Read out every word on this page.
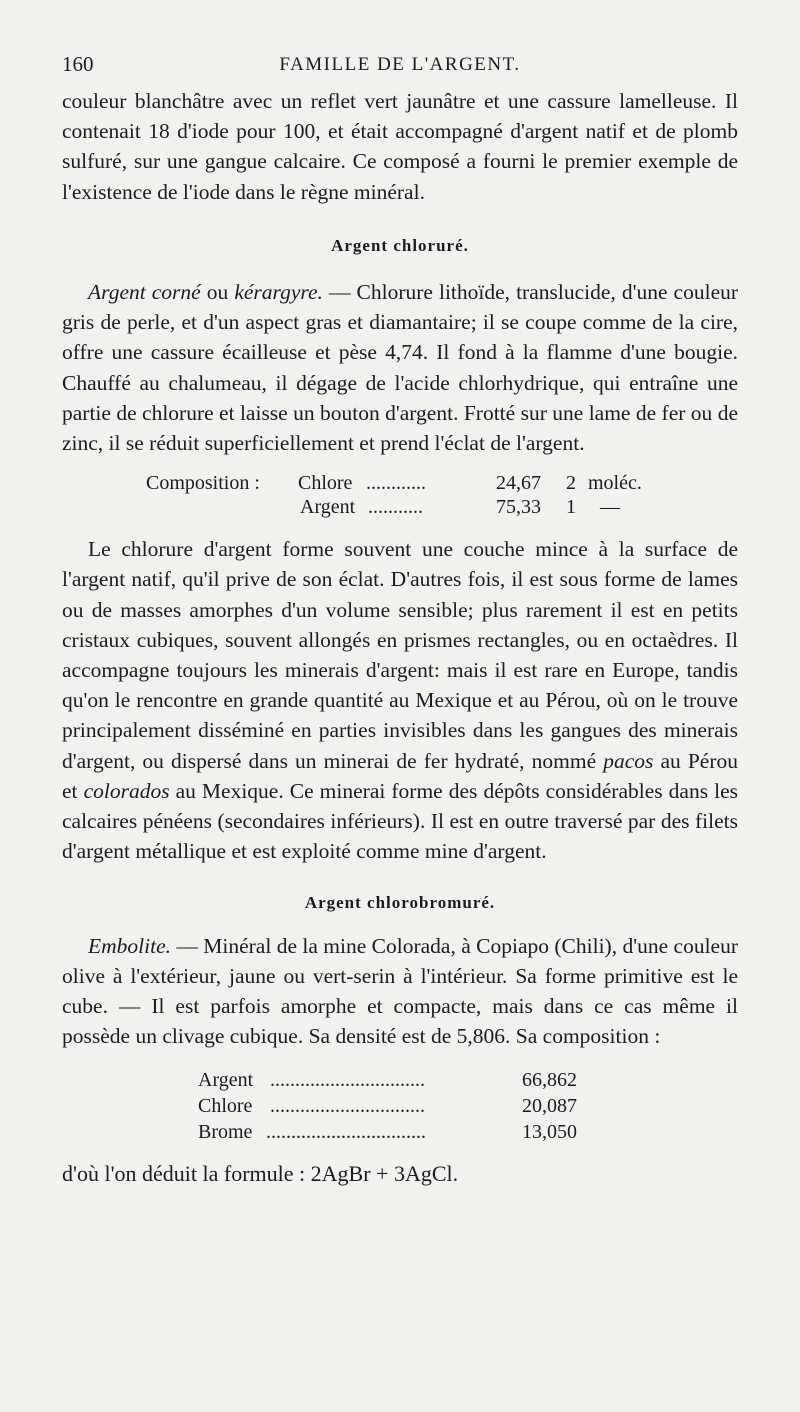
160	FAMILLE DE L'ARGENT.

couleur blanchâtre avec un reflet vert jaunâtre et une cassure lamelleuse. Il contenait 18 d'iode pour 100, et était accompagné d'argent natif et de plomb sulfuré, sur une gangue calcaire. Ce composé a fourni le premier exemple de l'existence de l'iode dans le règne minéral.

Argent chloruré.

Argent corné ou kérargyre. — Chlorure lithoïde, translucide, d'une couleur gris de perle, et d'un aspect gras et diamantaire; il se coupe comme de la cire, offre une cassure écailleuse et pèse 4,74. Il fond à la flamme d'une bougie. Chauffé au chalumeau, il dégage de l'acide chlorhydrique, qui entraîne une partie de chlorure et laisse un bouton d'argent. Frotté sur une lame de fer ou de zinc, il se réduit superficiellement et prend l'éclat de l'argent.

Composition : Chlore ............	24,67 2 moléc.
Argent ...........	75,33 1 —

Le chlorure d'argent forme souvent une couche mince à la surface de l'argent natif, qu'il prive de son éclat. D'autres fois, il est sous forme de lames ou de masses amorphes d'un volume sensible; plus rarement il est en petits cristaux cubiques, souvent allongés en prismes rectangles, ou en octaèdres. Il accompagne toujours les minerais d'argent: mais il est rare en Europe, tandis qu'on le rencontre en grande quantité au Mexique et au Pérou, où on le trouve principalement disséminé en parties invisibles dans les gangues des minerais d'argent, ou dispersé dans un minerai de fer hydraté, nommé pacos au Pérou et colorados au Mexique. Ce minerai forme des dépôts considérables dans les calcaires pénéens (secondaires inférieurs). Il est en outre traversé par des filets d'argent métallique et est exploité comme mine d'argent.

Argent chlorobromuré.

Embolite. — Minéral de la mine Colorada, à Copiapo (Chili), d'une couleur olive à l'extérieur, jaune ou vert-serin à l'intérieur. Sa forme primitive est le cube. — Il est parfois amorphe et compacte, mais dans ce cas même il possède un clivage cubique. Sa densité est de 5,806. Sa composition :

Argent ...............................	66,862
Chlore ...............................	20,087
Brome ................................	13,050

d'où l'on déduit la formule : 2AgBr + 3AgCl.
